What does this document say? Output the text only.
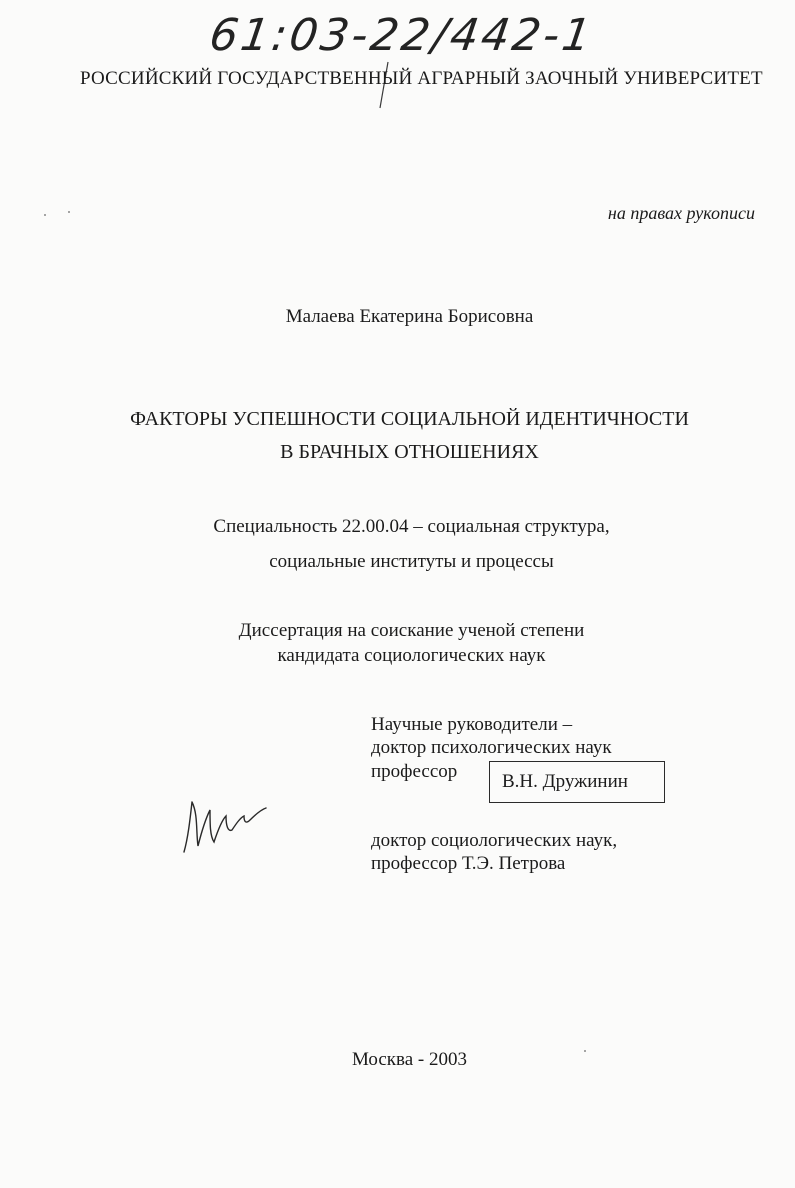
61:03-22/442-1
РОССИЙСКИЙ ГОСУДАРСТВЕННЫЙ АГРАРНЫЙ ЗАОЧНЫЙ УНИВЕРСИТЕТ
на правах рукописи
Малаева Екатерина Борисовна
ФАКТОРЫ УСПЕШНОСТИ СОЦИАЛЬНОЙ ИДЕНТИЧНОСТИ
В БРАЧНЫХ ОТНОШЕНИЯХ
Специальность 22.00.04 – социальная структура,
социальные институты и процессы
Диссертация на соискание ученой степени
кандидата социологических наук
Научные руководители –
доктор психологических наук
профессор	В.Н. Дружинин
доктор социологических наук,
профессор Т.Э. Петрова
Москва - 2003
